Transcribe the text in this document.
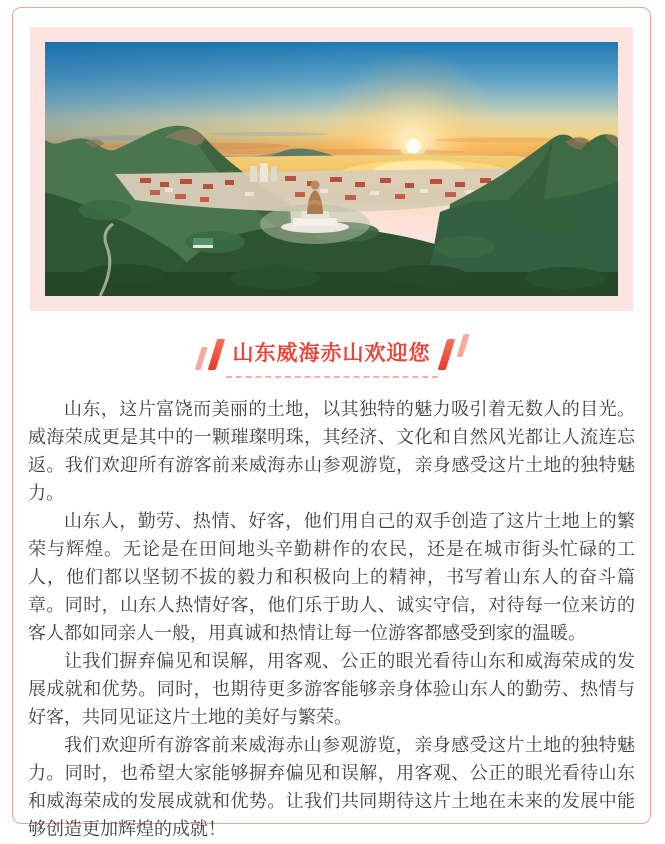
山东威海赤山欢迎您

山东，这片富饶而美丽的土地，以其独特的魅力吸引着无数人的目光。威海荣成更是其中的一颗璀璨明珠，其经济、文化和自然风光都让人流连忘返。我们欢迎所有游客前来威海赤山参观游览，亲身感受这片土地的独特魅力。

山东人，勤劳、热情、好客，他们用自己的双手创造了这片土地上的繁荣与辉煌。无论是在田间地头辛勤耕作的农民，还是在城市街头忙碌的工人，他们都以坚韧不拔的毅力和积极向上的精神，书写着山东人的奋斗篇章。同时，山东人热情好客，他们乐于助人、诚实守信，对待每一位来访的客人都如同亲人一般，用真诚和热情让每一位游客都感受到家的温暖。

让我们摒弃偏见和误解，用客观、公正的眼光看待山东和威海荣成的发展成就和优势。同时，也期待更多游客能够亲身体验山东人的勤劳、热情与好客，共同见证这片土地的美好与繁荣。

我们欢迎所有游客前来威海赤山参观游览，亲身感受这片土地的独特魅力。同时，也希望大家能够摒弃偏见和误解，用客观、公正的眼光看待山东和威海荣成的发展成就和优势。让我们共同期待这片土地在未来的发展中能够创造更加辉煌的成就！
